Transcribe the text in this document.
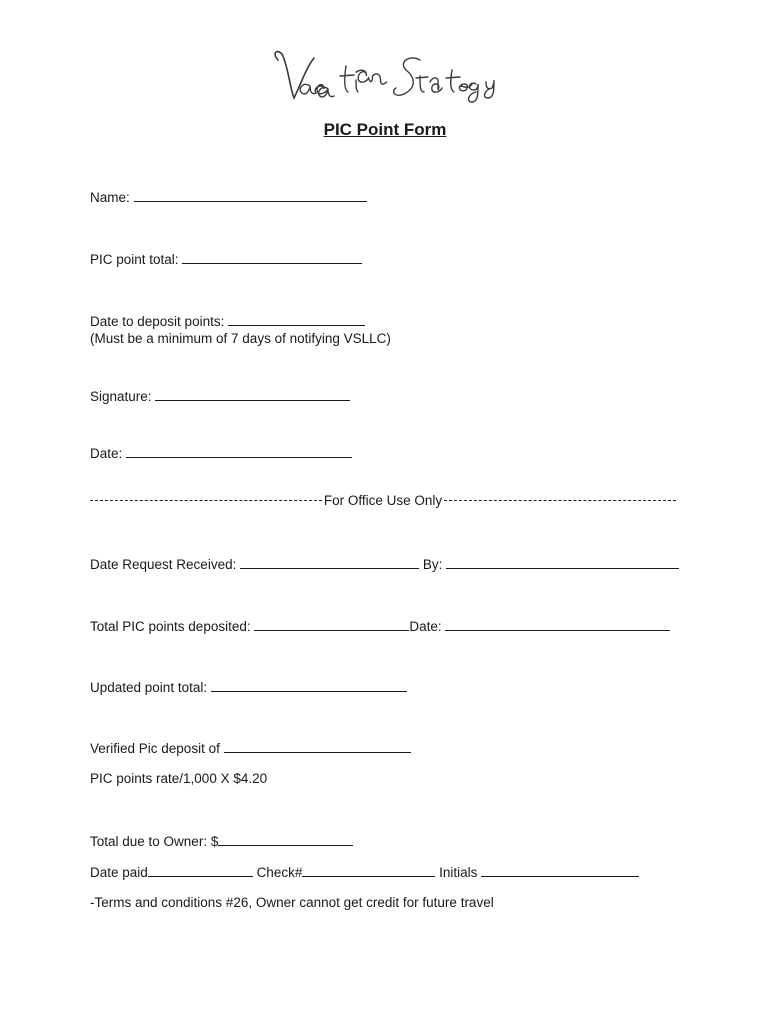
PIC Point Form
Name:
PIC point total:
Date to deposit points:
(Must be a minimum of 7 days of notifying VSLLC)
Signature:
Date:
For Office Use Only
Date Request Received:	By:
Total PIC points deposited:	Date:
Updated point total:
Verified Pic deposit of
PIC points rate/1,000 X $4.20
Total due to Owner: $
Date paid	Check#	Initials
-Terms and conditions #26, Owner cannot get credit for future travel
